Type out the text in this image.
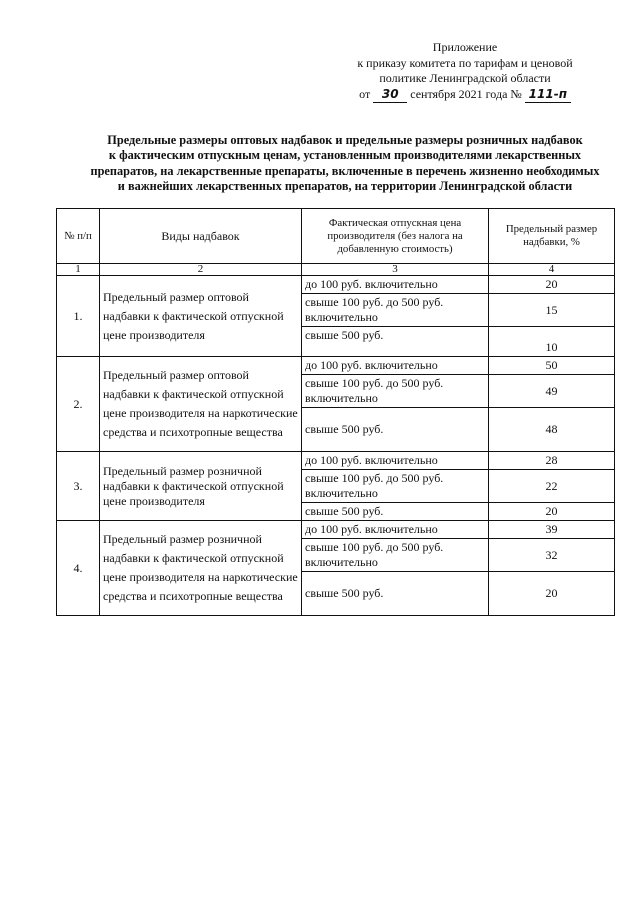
Приложение
к приказу комитета по тарифам и ценовой
политике Ленинградской области
от 30 сентября 2021 года № 111-п
Предельные размеры оптовых надбавок и предельные размеры розничных надбавок
к фактическим отпускным ценам, установленным производителями лекарственных
препаратов, на лекарственные препараты, включенные в перечень жизненно необходимых
и важнейших лекарственных препаратов, на территории Ленинградской области
№ п/п	Виды надбавок	Фактическая отпускная цена производителя (без налога на добавленную стоимость)	Предельный размер надбавки, %
1	2	3	4
1.	Предельный размер оптовой надбавки к фактической отпускной цене производителя	до 100 руб. включительно	20
		свыше 100 руб. до 500 руб. включительно	15
		свыше 500 руб.	10
2.	Предельный размер оптовой надбавки к фактической отпускной цене производителя на наркотические средства и психотропные вещества	до 100 руб. включительно	50
		свыше 100 руб. до 500 руб. включительно	49
		свыше 500 руб.	48
3.	Предельный размер розничной надбавки к фактической отпускной цене производителя	до 100 руб. включительно	28
		свыше 100 руб. до 500 руб. включительно	22
		свыше 500 руб.	20
4.	Предельный размер розничной надбавки к фактической отпускной цене производителя на наркотические средства и психотропные вещества	до 100 руб. включительно	39
		свыше 100 руб. до 500 руб. включительно	32
		свыше 500 руб.	20
